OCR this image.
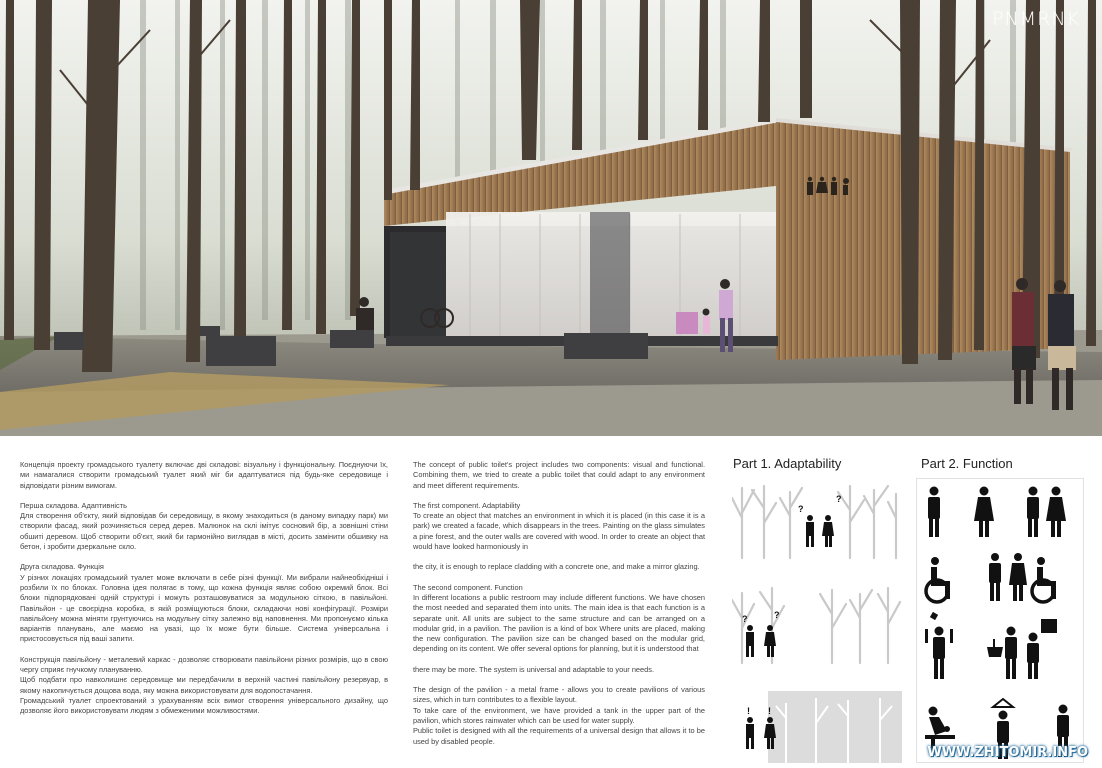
PNMRNK

Концепція проекту громадського туалету включає дві складові: візуальну і функціональну. Поєднуючи їх, ми намагалися створити громадський туалет який міг би адаптуватися під будь-яке середовище і відповідати різним вимогам.

Перша складова. Адаптивність

Для створення об'єкту, який відповідав би середовищу, в якому знаходиться (в даному випадку парк) ми створили фасад, який розчиняється серед дерев. Малюнок на склі імітує сосновий бір, а зовнішні стіни обшиті деревом. Щоб створити об'єкт, який би гармонійно виглядав в місті, досить замінити обшивку на бетон, і зробити дзеркальне скло.

Друга складова. Функція

У різних локаціях громадський туалет може включати в себе різні функції. Ми вибрали найнеобхідніші і розбили їх по блоках. Головна ідея полягає в тому, що кожна функція являє собою окремий блок. Всі блоки підпорядковані одній структурі і можуть розташовуватися за модульною сіткою, в павільйоні. Павільйон - це своєрідна коробка, в якій розміщуються блоки, складаючи нові конфігурації. Розміри павільйону можна міняти грунтуючись на модульну сітку залежно від наповнення. Ми пропонуємо кілька варіантів планувань, але маємо на увазі, що їх може бути більше. Система універсальна і пристосовується під ваші запити.

Конструкція павільйону - металевий каркас - дозволяє створювати павільйони різних розмірів, що в свою чергу сприяє гнучкому плануванню.

Щоб подбати про навколишнє середовище ми передбачили в верхній частині павільйону резервуар, в якому накопичується дощова вода, яку можна використовувати для водопостачання.

Громадський туалет спроектований з урахуванням всіх вимог створення універсального дизайну, що дозволяє його використовувати людям з обмеженими можливостями.

The concept of public toilet's project includes two components: visual and functional. Combining them, we tried to create a public toilet that could adapt to any environment and meet different requirements.

The first component. Adaptability

To create an object that matches an environment in which it is placed (in this case it is a park) we created a facade, which disappears in the trees. Painting on the glass simulates a pine forest, and the outer walls are covered with wood. In order to create an object that would have looked harmoniously in

the city, it is enough to replace cladding with a concrete one, and make a mirror glazing.

The second component. Function

In different locations a public restroom may include different functions. We have chosen the most needed and separated them into units. The main idea is that each function is a separate unit. All units are subject to the same structure and can be arranged on a modular grid, in a pavilion. The pavilion is a kind of box Where units are placed, making the new configuration. The pavilion size can be changed based on the modular grid, depending on its content. We offer several options for planning, but it is understood that

there may be more. The system is universal and adaptable to your needs.

The design of the pavilion - a metal frame - allows you to create pavilions of various sizes, which in turn contributes to a flexible layout.

To take care of the environment, we have provided a tank in the upper part of the pavilion, which stores rainwater which can be used for water supply.

Public toilet is designed with all the requirements of a universal design that allows it to be used by disabled people.

Part 1. Adaptability	Part 2. Function
?
?
?	?
! !
WWW.ZHITOMIR.INFO
